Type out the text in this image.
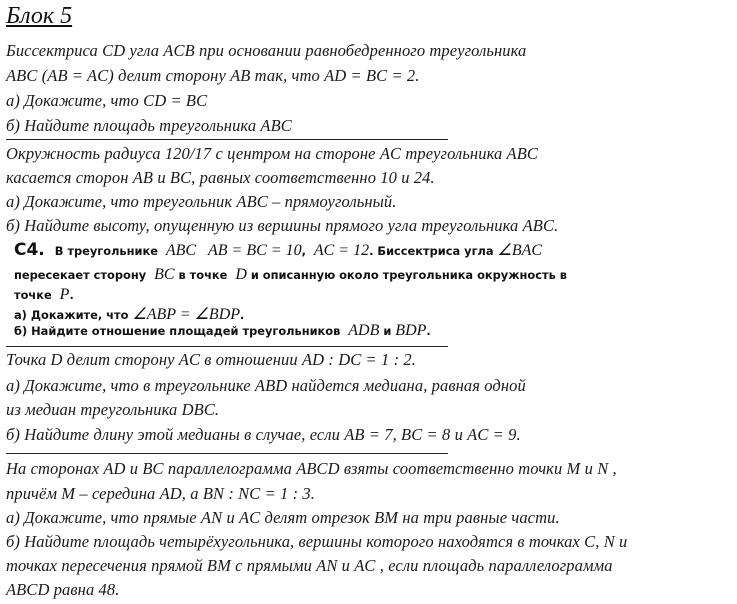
Блок 5
Биссектриса CD угла ACB при основании равнобедренного треугольника
ABC (AB = AC) делит сторону AB так, что AD = BC = 2.
а) Докажите, что CD = BC
б) Найдите площадь треугольника ABC
Окружность радиуса 120/17 с центром на стороне AC треугольника ABC
касается сторон AB и BC, равных соответственно 10 и 24.
а) Докажите, что треугольник ABC – прямоугольный.
б) Найдите высоту, опущенную из вершины прямого угла треугольника ABC.
C4. В треугольнике ABC AB = BC = 10,  AC = 12. Биссектриса угла ∠BAC
пересекает сторону BC в точке D и описанную около треугольника окружность в
точке P.
а) Докажите, что ∠ABP = ∠BDP.
б) Найдите отношение площадей треугольников ADB и BDP.
Точка D делит сторону AC в отношении AD : DC = 1 : 2.
а) Докажите, что в треугольнике ABD найдется медиана, равная одной
из медиан треугольника DBC.
б) Найдите длину этой медианы в случае, если AB = 7, BC = 8 и AC = 9.
На сторонах AD и BC параллелограмма ABCD взяты соответственно точки M и N ,
причём M – середина AD, а BN : NC = 1 : 3.
а) Докажите, что прямые AN и AC делят отрезок BM на три равные части.
б) Найдите площадь четырёхугольника, вершины которого находятся в точках C, N и
точках пересечения прямой BM с прямыми AN и AC , если площадь параллелограмма
ABCD равна 48.
